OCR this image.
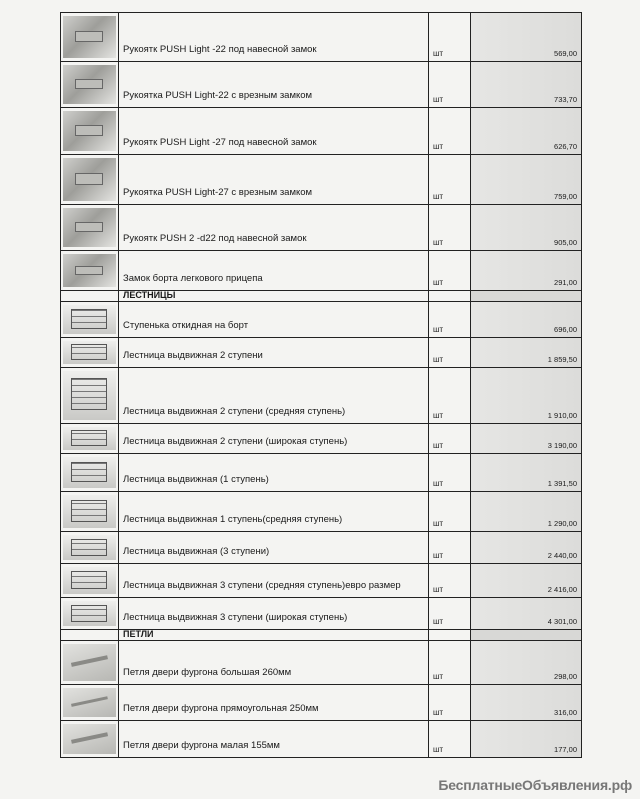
Рукоятк PUSH Light -22 под навесной замок	шт	569,00
Рукоятка PUSH Light-22 с врезным замком	шт	733,70
Рукоятк PUSH Light -27 под навесной замок	шт	626,70
Рукоятка PUSH Light-27 с врезным замком	шт	759,00
Рукоятк PUSH 2 -d22 под навесной замок	шт	905,00
Замок борта легкового прицепа	шт	291,00
ЛЕСТНИЦЫ
Ступенька откидная на борт	шт	696,00
Лестница выдвижная 2 ступени	шт	1 859,50
Лестница выдвижная 2 ступени (средняя ступень)	шт	1 910,00
Лестница выдвижная 2 ступени (широкая ступень)	шт	3 190,00
Лестница выдвижная (1 ступень)	шт	1 391,50
Лестница выдвижная 1 ступень(средняя ступень)	шт	1 290,00
Лестница выдвижная (3 ступени)	шт	2 440,00
Лестница выдвижная 3 ступени (средняя ступень)евро размер	шт	2 416,00
Лестница выдвижная 3 ступени (широкая ступень)	шт	4 301,00
ПЕТЛИ
Петля двери фургона большая 260мм	шт	298,00
Петля двери фургона прямоугольная 250мм	шт	316,00
Петля двери фургона малая 155мм	шт	177,00
БесплатныеОбъявления.рф
